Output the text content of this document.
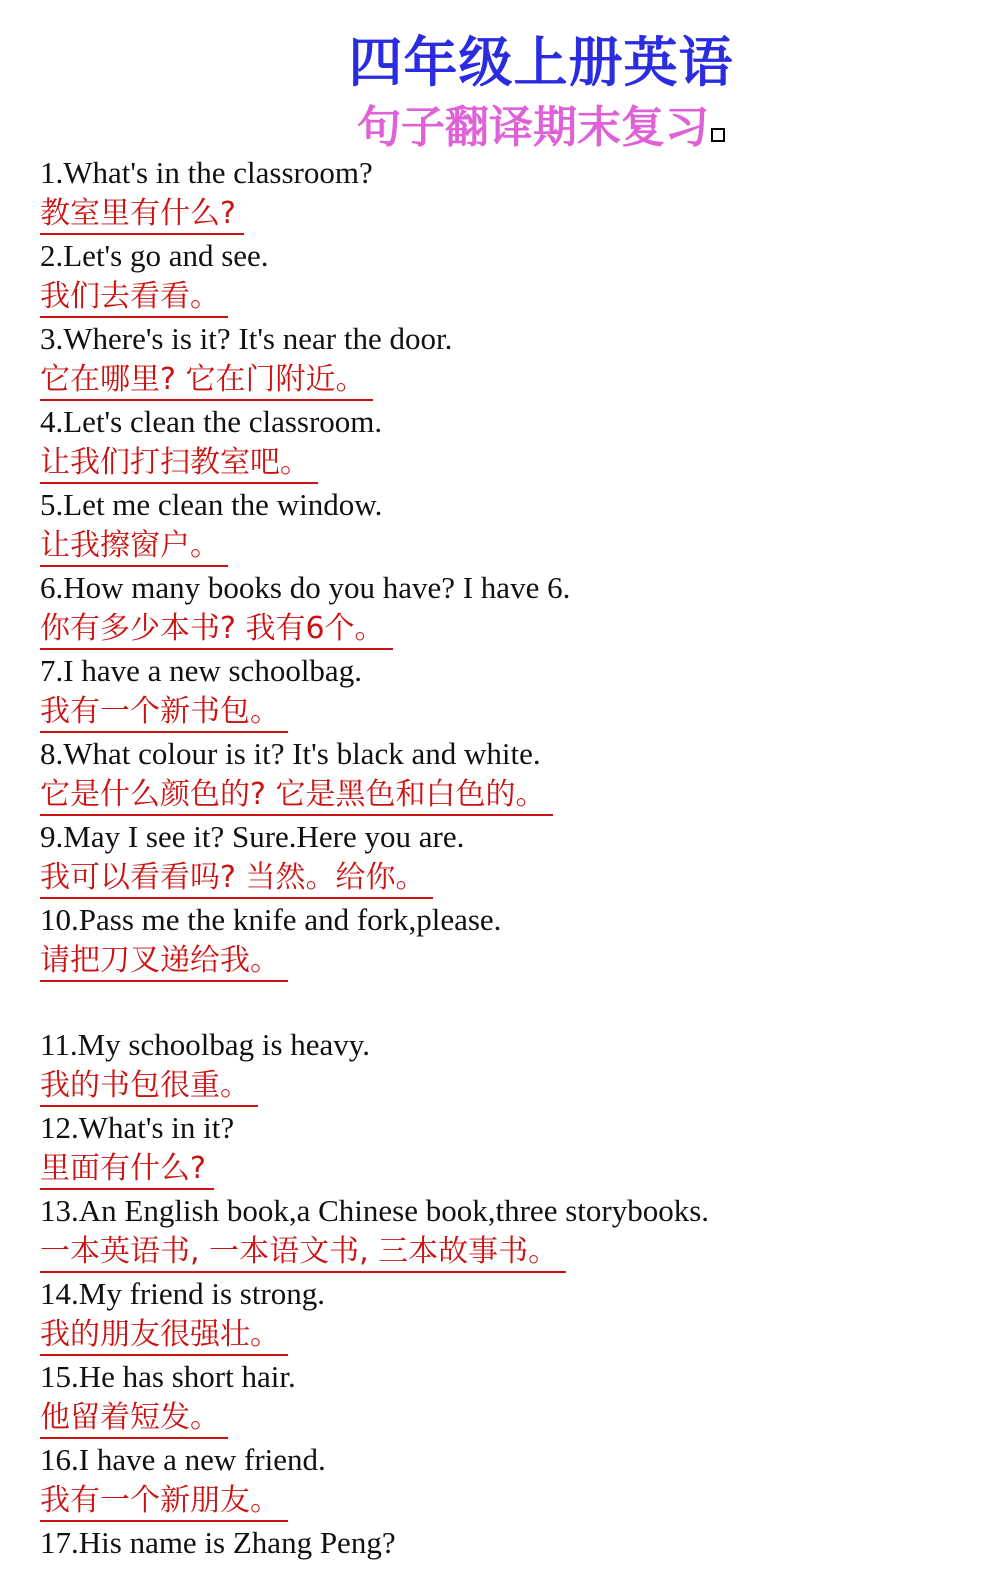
四年级上册英语
句子翻译期末复习
1.What's in the classroom?
教室里有什么?
2.Let's go and see.
我们去看看。
3.Where's is it? It's near the door.
它在哪里? 它在门附近。
4.Let's clean the classroom.
让我们打扫教室吧。
5.Let me clean the window.
让我擦窗户。
6.How many books do you have? I have 6.
你有多少本书? 我有6个。
7.I have a new schoolbag.
我有一个新书包。
8.What colour is it? It's black and white.
它是什么颜色的? 它是黑色和白色的。
9.May I see it? Sure.Here you are.
我可以看看吗? 当然。给你。
10.Pass me the knife and fork,please.
请把刀叉递给我。
11.My schoolbag is heavy.
我的书包很重。
12.What's in it?
里面有什么?
13.An English book,a Chinese book,three storybooks.
一本英语书, 一本语文书, 三本故事书。
14.My friend is strong.
我的朋友很强壮。
15.He has short hair.
他留着短发。
16.I have a new friend.
我有一个新朋友。
17.His name is Zhang Peng?
